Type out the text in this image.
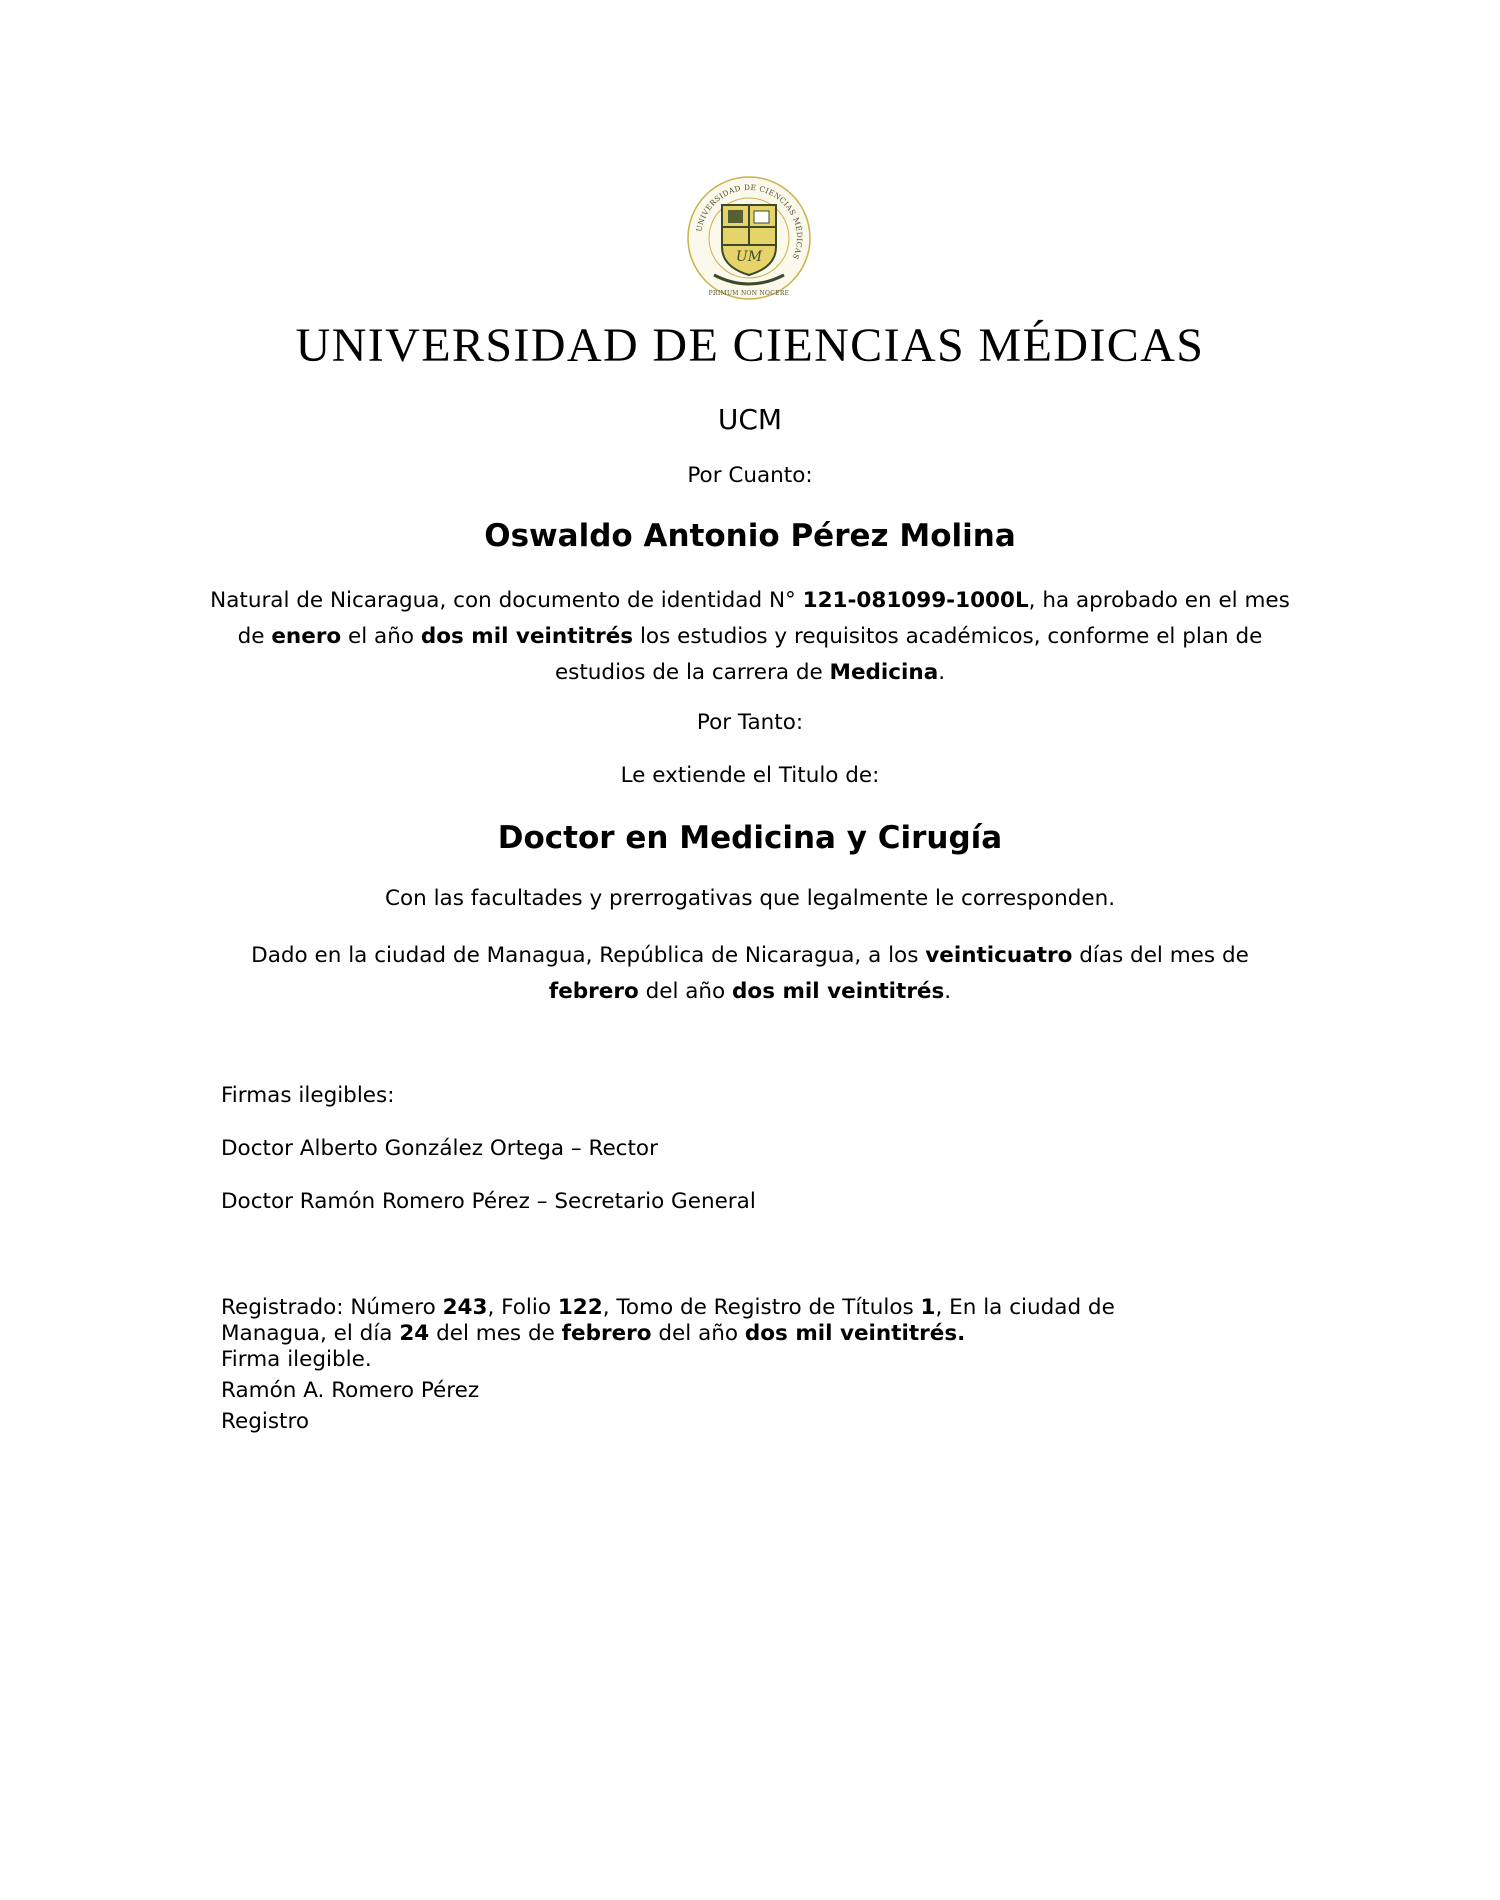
UNIVERSIDAD DE CIENCIAS MÉDICAS
UM
PRIMUM NON NOCERE
UNIVERSIDAD DE CIENCIAS MÉDICAS
UCM
Por Cuanto:
Oswaldo Antonio Pérez Molina
Natural de Nicaragua, con documento de identidad N° 121-081099-1000L, ha aprobado en el mes de enero el año dos mil veintitrés los estudios y requisitos académicos, conforme el plan de estudios de la carrera de Medicina.
Por Tanto:
Le extiende el Titulo de:
Doctor en Medicina y Cirugía
Con las facultades y prerrogativas que legalmente le corresponden.
Dado en la ciudad de Managua, República de Nicaragua, a los veinticuatro días del mes de febrero del año dos mil veintitrés.
Firmas ilegibles:
Doctor Alberto González Ortega – Rector
Doctor Ramón Romero Pérez – Secretario General
Registrado: Número 243, Folio 122, Tomo de Registro de Títulos 1, En la ciudad de Managua, el día 24 del mes de febrero del año dos mil veintitrés.
Firma ilegible.
Ramón A. Romero Pérez
Registro
